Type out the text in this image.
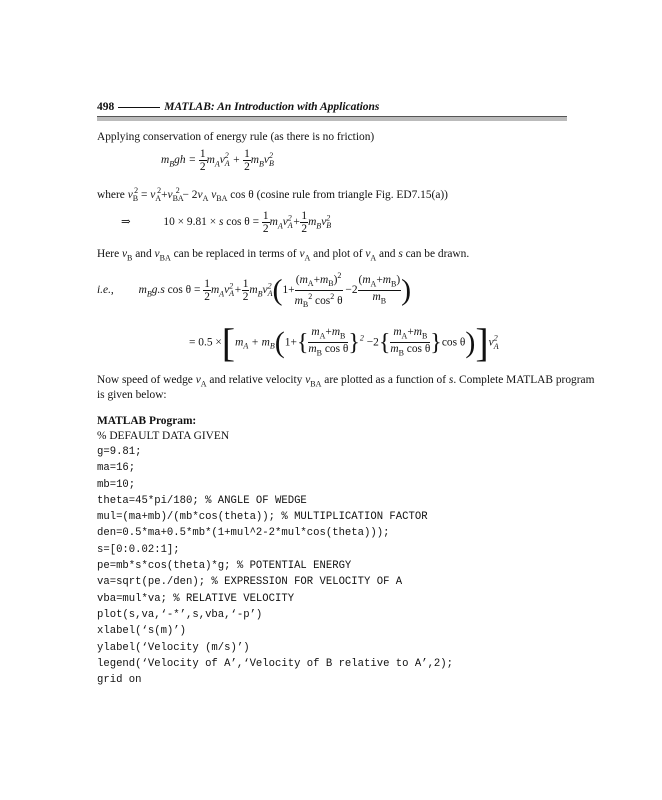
498	MATLAB: An Introduction with Applications
Applying conservation of energy rule (as there is no friction)
$m_Bgh = \frac{1}{2} m_Av^2_A + \frac{1}{2} m_Bv^2_B$
where $v_B^2 = v_A^2+v_{BA}^2 - 2v_A$ $v_{BA}$ cos θ (cosine rule from triangle Fig. ED7.15(a))
⇒	10 × 9.81 × s $\cos \theta = \frac{1}{2} m_Av^2_A+ \frac{1}{2} m_Bv^2_B$
Here $v_B$ and $v_{BA}$ can be replaced in terms of $v_A$ and plot of $v_A$ and s can be drawn.
i.e., $m_Bg.s$ $\cos \theta = \frac{1}{2} m_Av^2_A+ \frac{1}{2} m_Bv^2_A(1+ \frac{(m_A+m_B)^2}{m_B^2 \cos^2 \theta} -2 \frac{(m_A+m_B)}{m_B}$ )
= $0.5 \times[m_A + m_B(1+\{ \frac{m_A+m_B}{m_B \cos \theta} \}^2 -2\{ \frac{m_A+m_B}{m_B \cos \theta} \}\cos$ $\theta)]v^2_A$
Now speed of wedge $v_A$ and relative velocity $v_{BA}$ are plotted as a function of s. Complete MATLAB program
is given below:
MATLAB Program:
% DEFAULT DATA GIVEN
g=9.81;
ma=16;
mb=10;
theta=45*pi/180; % ANGLE OF WEDGE
mul=(ma+mb)/(mb*cos(theta)); % MULTIPLICATION FACTOR
den=0.5*ma+0.5*mb*(1+mul^2-2*mul*cos(theta)));
s=[0:0.02:1];
pe=mb*s*cos(theta)*g; % POTENTIAL ENERGY
va=sqrt(pe./den); % EXPRESSION FOR VELOCITY OF A
vba=mul*va; % RELATIVE VELOCITY
plot(s,va,‘-*’,s,vba,‘-p’)
xlabel(‘s(m)’)
ylabel(‘Velocity (m/s)’)
legend(‘Velocity of A’,‘Velocity of B relative to A’,2);
grid on
